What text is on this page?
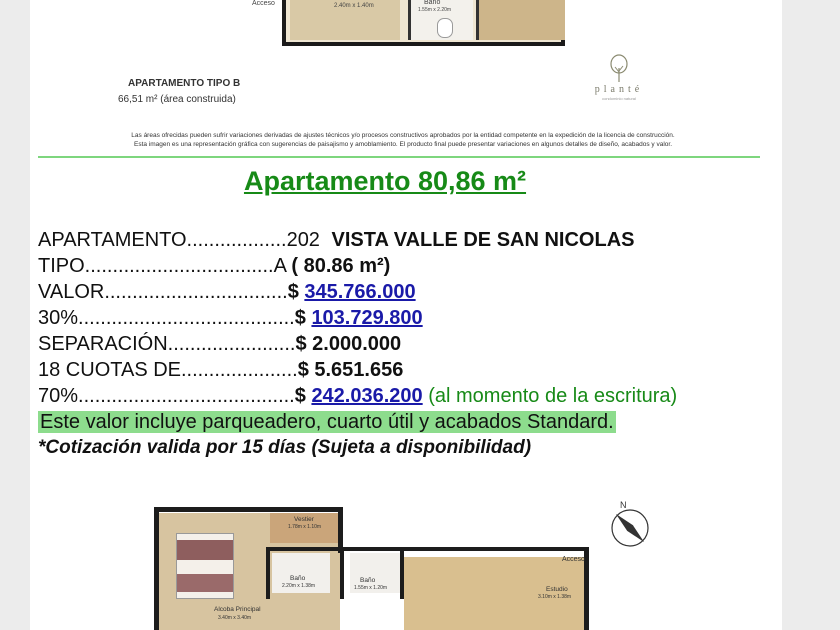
2.40m x 1.40m	Baño
1.55m x 2.20m
Acceso
APARTAMENTO TIPO B
66,51 m² (área construida)
planté
condominio natural
Las áreas ofrecidas pueden sufrir variaciones derivadas de ajustes técnicos y/o procesos constructivos aprobados por la entidad competente en la expedición de la licencia de construcción.
Esta imagen es una representación gráfica con sugerencias de paisajismo y amoblamiento. El producto final puede presentar variaciones en algunos detalles de diseño, acabados y valor.
Apartamento 80,86 m²
APARTAMENTO..................202 VISTA VALLE DE SAN NICOLAS
TIPO..................................A ( 80.86 m²)
VALOR.................................$ 345.766.000
30%.......................................$ 103.729.800
SEPARACIÓN.......................$ 2.000.000
18 CUOTAS DE.....................$ 5.651.656
70%.......................................$ 242.036.200 (al momento de la escritura)
Este valor incluye parqueadero, cuarto útil y acabados Standard.
*Cotización valida por 15 días (Sujeta a disponibilidad)
Vestier
1.78m x 1.10m
Baño
2.20m x 1.38m
Baño
1.55m x 1.20m	Estudio
3.10m x 1.38m
Alcoba Principal
3.40m x 3.40m
Acceso
N
